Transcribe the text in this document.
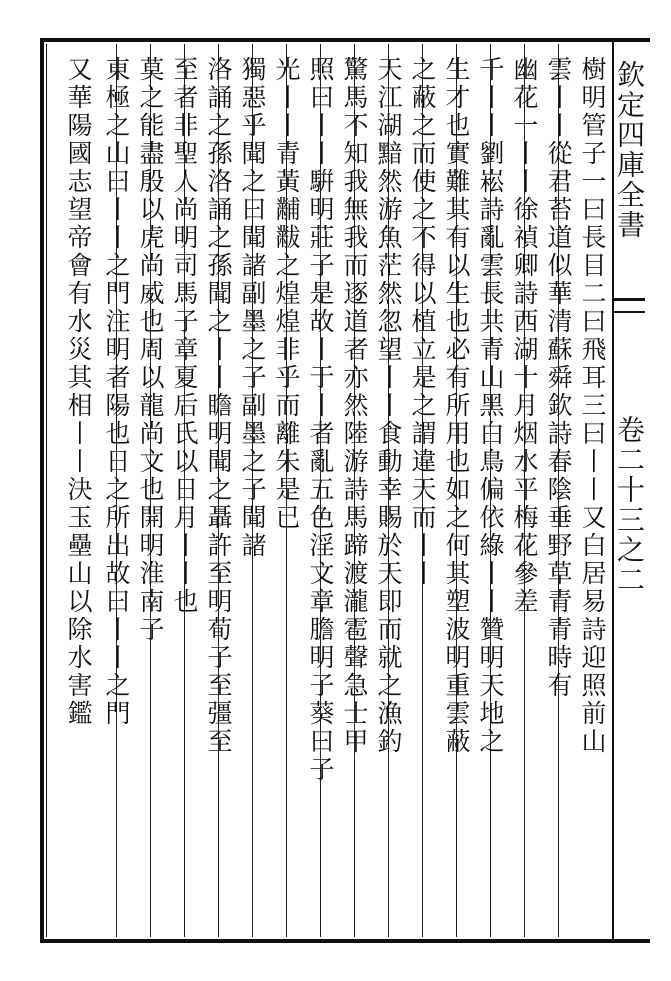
欽定四庫全書
卷二十三之二
樹明管子一曰長目二曰飛耳三曰丨丨又白居易詩迎照前山
雲丨丨從君苔道似華清蘇舜欽詩春陰垂野草青青時有
幽花一丨丨徐禎卿詩西湖十月烟水平梅花參差
千丨丨劉崧詩亂雲長共青山黑白鳥偏依綠丨丨贊明天地之
生才也實難其有以生也必有所用也如之何其塑波明重雲蔽
之蔽之而使之不得以植立是之謂違天而丨丨
天江湖黯然游魚茫然忽望丨丨食動幸賜於天即而就之漁釣
驚馬不知我無我而逐道者亦然陸游詩馬蹄渡瀧雹聲急士甲
照曰丨丨騈明莊子是故丨于丨者亂五色淫文章膽明子葵曰子
光丨丨青黃黼黻之煌煌非乎而離朱是已
獨惡乎聞之曰聞諸副墨之子副墨之子聞諸
洛誦之孫洛誦之孫聞之丨丨瞻明聞之聶許至明荀子至彊至
至者非聖人尚明司馬子章夏后氏以日月丨丨也
莫之能盡殷以虎尚威也周以龍尚文也開明淮南子
東極之山曰丨丨之門注明者陽也日之所出故曰丨丨之門
又華陽國志望帝會有水災其相丨丨決玉壘山以除水害鑑
